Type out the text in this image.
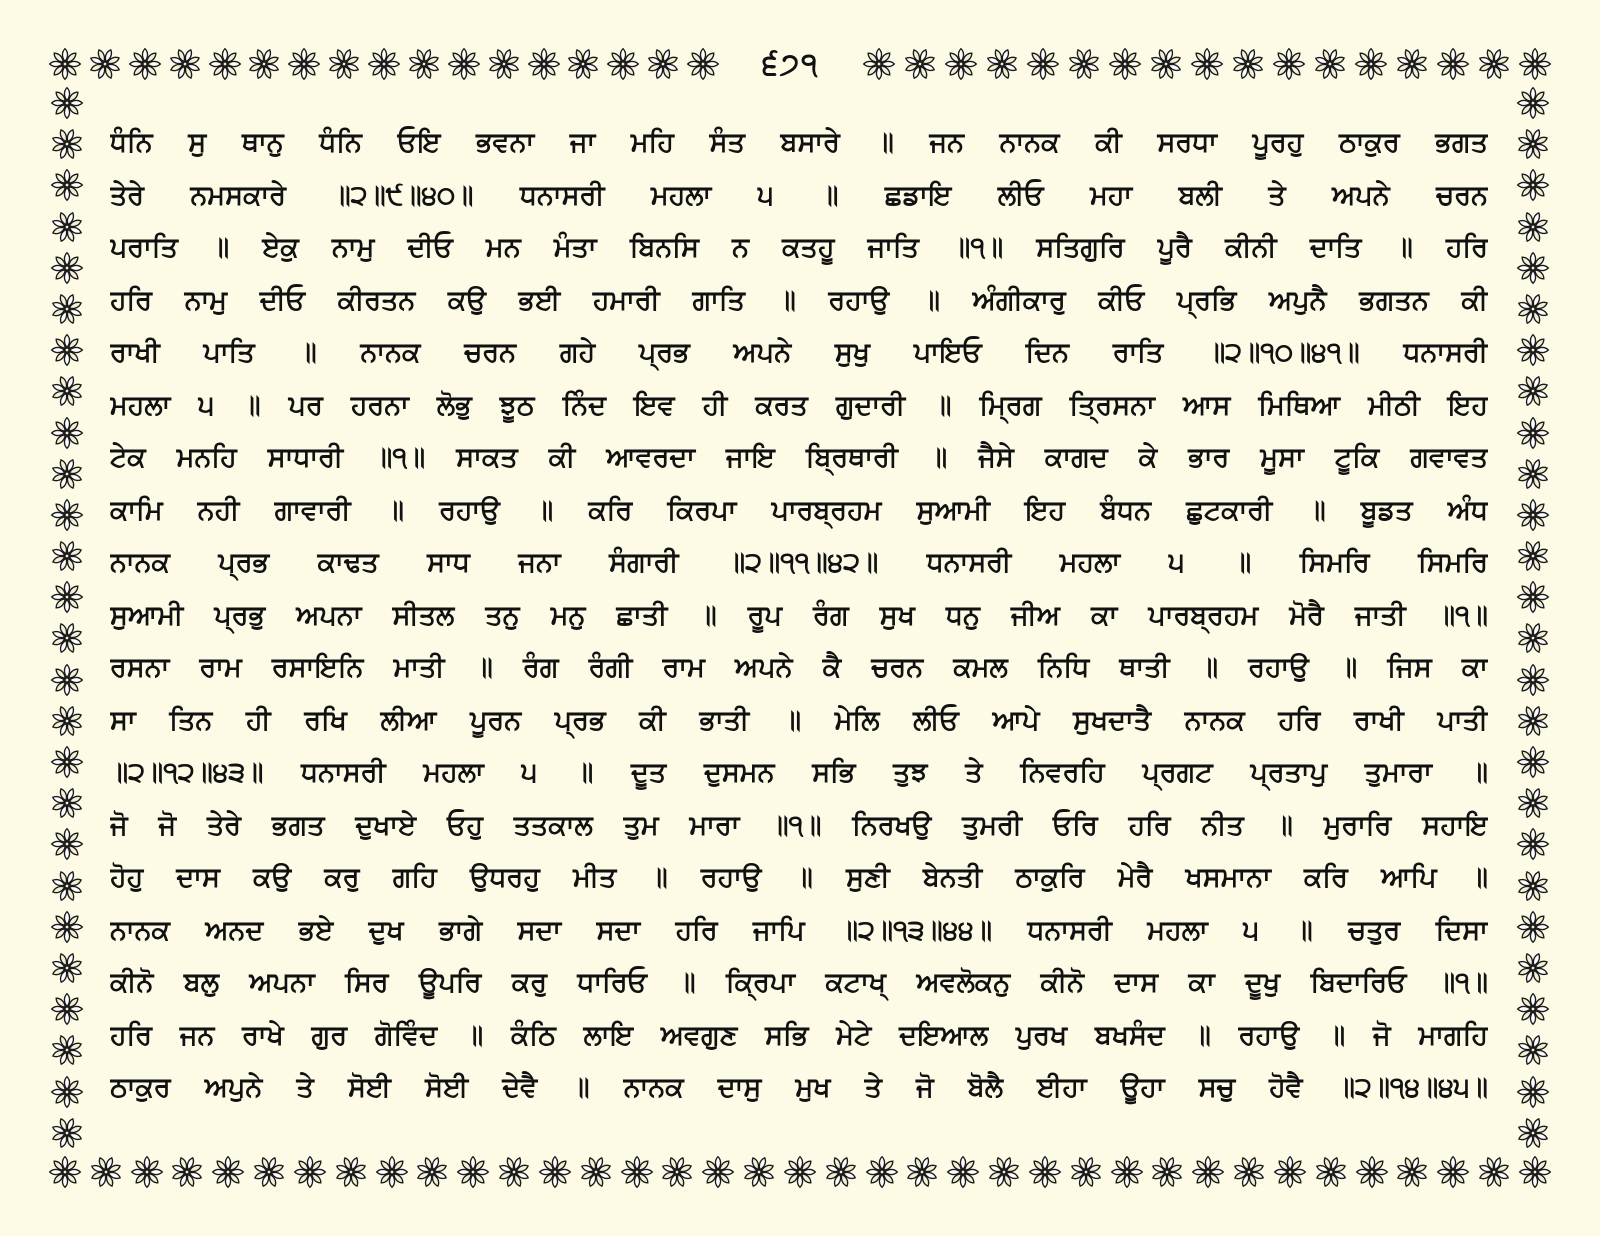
੬੭੧
ਧੰਨਿ ਸੁ ਥਾਨੁ ਧੰਨਿ ਓਇ ਭਵਨਾ ਜਾ ਮਹਿ ਸੰਤ ਬਸਾਰੇ ॥ ਜਨ ਨਾਨਕ ਕੀ ਸਰਧਾ ਪੂਰਹੁ ਠਾਕੁਰ ਭਗਤ
ਤੇਰੇ ਨਮਸਕਾਰੇ ॥੨॥੯॥੪੦॥ ਧਨਾਸਰੀ ਮਹਲਾ ੫ ॥ ਛਡਾਇ ਲੀਓ ਮਹਾ ਬਲੀ ਤੇ ਅਪਨੇ ਚਰਨ
ਪਰਾਤਿ ॥ ਏਕੁ ਨਾਮੁ ਦੀਓ ਮਨ ਮੰਤਾ ਬਿਨਸਿ ਨ ਕਤਹੂ ਜਾਤਿ ॥੧॥ ਸਤਿਗੁਰਿ ਪੂਰੈ ਕੀਨੀ ਦਾਤਿ ॥ ਹਰਿ
ਹਰਿ ਨਾਮੁ ਦੀਓ ਕੀਰਤਨ ਕਉ ਭਈ ਹਮਾਰੀ ਗਾਤਿ ॥ ਰਹਾਉ ॥ ਅੰਗੀਕਾਰੁ ਕੀਓ ਪ੍ਰਭਿ ਅਪੁਨੈ ਭਗਤਨ ਕੀ
ਰਾਖੀ ਪਾਤਿ ॥ ਨਾਨਕ ਚਰਨ ਗਹੇ ਪ੍ਰਭ ਅਪਨੇ ਸੁਖੁ ਪਾਇਓ ਦਿਨ ਰਾਤਿ ॥੨॥੧੦॥੪੧॥ ਧਨਾਸਰੀ
ਮਹਲਾ ੫ ॥ ਪਰ ਹਰਨਾ ਲੋਭੁ ਝੂਠ ਨਿੰਦ ਇਵ ਹੀ ਕਰਤ ਗੁਦਾਰੀ ॥ ਮ੍ਰਿਗ ਤ੍ਰਿਸਨਾ ਆਸ ਮਿਥਿਆ ਮੀਠੀ ਇਹ
ਟੇਕ ਮਨਹਿ ਸਾਧਾਰੀ ॥੧॥ ਸਾਕਤ ਕੀ ਆਵਰਦਾ ਜਾਇ ਬ੍ਰਿਥਾਰੀ ॥ ਜੈਸੇ ਕਾਗਦ ਕੇ ਭਾਰ ਮੂਸਾ ਟੂਕਿ ਗਵਾਵਤ
ਕਾਮਿ ਨਹੀ ਗਾਵਾਰੀ ॥ ਰਹਾਉ ॥ ਕਰਿ ਕਿਰਪਾ ਪਾਰਬ੍ਰਹਮ ਸੁਆਮੀ ਇਹ ਬੰਧਨ ਛੁਟਕਾਰੀ ॥ ਬੂਡਤ ਅੰਧ
ਨਾਨਕ ਪ੍ਰਭ ਕਾਢਤ ਸਾਧ ਜਨਾ ਸੰਗਾਰੀ ॥੨॥੧੧॥੪੨॥ ਧਨਾਸਰੀ ਮਹਲਾ ੫ ॥ ਸਿਮਰਿ ਸਿਮਰਿ
ਸੁਆਮੀ ਪ੍ਰਭੁ ਅਪਨਾ ਸੀਤਲ ਤਨੁ ਮਨੁ ਛਾਤੀ ॥ ਰੂਪ ਰੰਗ ਸੁਖ ਧਨੁ ਜੀਅ ਕਾ ਪਾਰਬ੍ਰਹਮ ਮੋਰੈ ਜਾਤੀ ॥੧॥
ਰਸਨਾ ਰਾਮ ਰਸਾਇਨਿ ਮਾਤੀ ॥ ਰੰਗ ਰੰਗੀ ਰਾਮ ਅਪਨੇ ਕੈ ਚਰਨ ਕਮਲ ਨਿਧਿ ਥਾਤੀ ॥ ਰਹਾਉ ॥ ਜਿਸ ਕਾ
ਸਾ ਤਿਨ ਹੀ ਰਖਿ ਲੀਆ ਪੂਰਨ ਪ੍ਰਭ ਕੀ ਭਾਤੀ ॥ ਮੇਲਿ ਲੀਓ ਆਪੇ ਸੁਖਦਾਤੈ ਨਾਨਕ ਹਰਿ ਰਾਖੀ ਪਾਤੀ
॥੨॥੧੨॥੪੩॥ ਧਨਾਸਰੀ ਮਹਲਾ ੫ ॥ ਦੂਤ ਦੁਸਮਨ ਸਭਿ ਤੁਝ ਤੇ ਨਿਵਰਹਿ ਪ੍ਰਗਟ ਪ੍ਰਤਾਪੁ ਤੁਮਾਰਾ ॥
ਜੋ ਜੋ ਤੇਰੇ ਭਗਤ ਦੁਖਾਏ ਓਹੁ ਤਤਕਾਲ ਤੁਮ ਮਾਰਾ ॥੧॥ ਨਿਰਖਉ ਤੁਮਰੀ ਓਰਿ ਹਰਿ ਨੀਤ ॥ ਮੁਰਾਰਿ ਸਹਾਇ
ਹੋਹੁ ਦਾਸ ਕਉ ਕਰੁ ਗਹਿ ਉਧਰਹੁ ਮੀਤ ॥ ਰਹਾਉ ॥ ਸੁਣੀ ਬੇਨਤੀ ਠਾਕੁਰਿ ਮੇਰੈ ਖਸਮਾਨਾ ਕਰਿ ਆਪਿ ॥
ਨਾਨਕ ਅਨਦ ਭਏ ਦੁਖ ਭਾਗੇ ਸਦਾ ਸਦਾ ਹਰਿ ਜਾਪਿ ॥੨॥੧੩॥੪੪॥ ਧਨਾਸਰੀ ਮਹਲਾ ੫ ॥ ਚਤੁਰ ਦਿਸਾ
ਕੀਨੋ ਬਲੁ ਅਪਨਾ ਸਿਰ ਊਪਰਿ ਕਰੁ ਧਾਰਿਓ ॥ ਕ੍ਰਿਪਾ ਕਟਾਖ੍ ਅਵਲੋਕਨੁ ਕੀਨੋ ਦਾਸ ਕਾ ਦੂਖੁ ਬਿਦਾਰਿਓ ॥੧॥
ਹਰਿ ਜਨ ਰਾਖੇ ਗੁਰ ਗੋਵਿੰਦ ॥ ਕੰਠਿ ਲਾਇ ਅਵਗੁਣ ਸਭਿ ਮੇਟੇ ਦਇਆਲ ਪੁਰਖ ਬਖਸੰਦ ॥ ਰਹਾਉ ॥ ਜੋ ਮਾਗਹਿ
ਠਾਕੁਰ ਅਪੁਨੇ ਤੇ ਸੋਈ ਸੋਈ ਦੇਵੈ ॥ ਨਾਨਕ ਦਾਸੁ ਮੁਖ ਤੇ ਜੋ ਬੋਲੈ ਈਹਾ ਊਹਾ ਸਚੁ ਹੋਵੈ ॥੨॥੧੪॥੪੫॥
